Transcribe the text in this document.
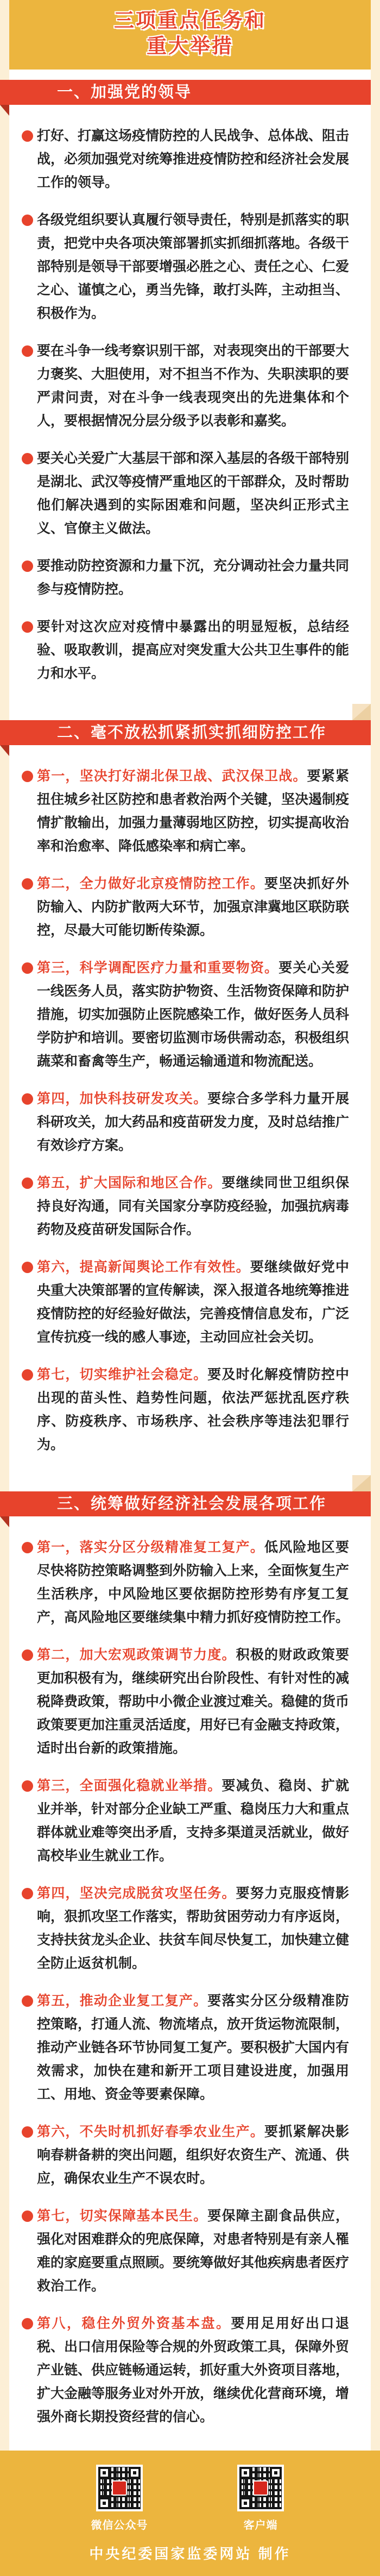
三项重点任务和
重大举措
一、加强党的领导
打好、打赢这场疫情防控的人民战争、总体战、阻击战，必须加强党对统筹推进疫情防控和经济社会发展工作的领导。
各级党组织要认真履行领导责任，特别是抓落实的职责，把党中央各项决策部署抓实抓细抓落地。各级干部特别是领导干部要增强必胜之心、责任之心、仁爱之心、谨慎之心，勇当先锋，敢打头阵，主动担当、积极作为。
要在斗争一线考察识别干部，对表现突出的干部要大力褒奖、大胆使用，对不担当不作为、失职渎职的要严肃问责，对在斗争一线表现突出的先进集体和个人，要根据情况分层分级予以表彰和嘉奖。
要关心关爱广大基层干部和深入基层的各级干部特别是湖北、武汉等疫情严重地区的干部群众，及时帮助他们解决遇到的实际困难和问题，坚决纠正形式主义、官僚主义做法。
要推动防控资源和力量下沉，充分调动社会力量共同参与疫情防控。
要针对这次应对疫情中暴露出的明显短板，总结经验、吸取教训，提高应对突发重大公共卫生事件的能力和水平。
二、毫不放松抓紧抓实抓细防控工作
第一，坚决打好湖北保卫战、武汉保卫战。要紧紧扭住城乡社区防控和患者救治两个关键，坚决遏制疫情扩散输出，加强力量薄弱地区防控，切实提高收治率和治愈率、降低感染率和病亡率。
第二，全力做好北京疫情防控工作。要坚决抓好外防输入、内防扩散两大环节，加强京津冀地区联防联控，尽最大可能切断传染源。
第三，科学调配医疗力量和重要物资。要关心关爱一线医务人员，落实防护物资、生活物资保障和防护措施，切实加强防止医院感染工作，做好医务人员科学防护和培训。要密切监测市场供需动态，积极组织蔬菜和畜禽等生产，畅通运输通道和物流配送。
第四，加快科技研发攻关。要综合多学科力量开展科研攻关，加大药品和疫苗研发力度，及时总结推广有效诊疗方案。
第五，扩大国际和地区合作。要继续同世卫组织保持良好沟通，同有关国家分享防疫经验，加强抗病毒药物及疫苗研发国际合作。
第六，提高新闻舆论工作有效性。要继续做好党中央重大决策部署的宣传解读，深入报道各地统筹推进疫情防控的好经验好做法，完善疫情信息发布，广泛宣传抗疫一线的感人事迹，主动回应社会关切。
第七，切实维护社会稳定。要及时化解疫情防控中出现的苗头性、趋势性问题，依法严惩扰乱医疗秩序、防疫秩序、市场秩序、社会秩序等违法犯罪行为。
三、统筹做好经济社会发展各项工作
第一，落实分区分级精准复工复产。低风险地区要尽快将防控策略调整到外防输入上来，全面恢复生产生活秩序，中风险地区要依据防控形势有序复工复产，高风险地区要继续集中精力抓好疫情防控工作。
第二，加大宏观政策调节力度。积极的财政政策要更加积极有为，继续研究出台阶段性、有针对性的减税降费政策，帮助中小微企业渡过难关。稳健的货币政策要更加注重灵活适度，用好已有金融支持政策，适时出台新的政策措施。
第三，全面强化稳就业举措。要减负、稳岗、扩就业并举，针对部分企业缺工严重、稳岗压力大和重点群体就业难等突出矛盾，支持多渠道灵活就业，做好高校毕业生就业工作。
第四，坚决完成脱贫攻坚任务。要努力克服疫情影响，狠抓攻坚工作落实，帮助贫困劳动力有序返岗，支持扶贫龙头企业、扶贫车间尽快复工，加快建立健全防止返贫机制。
第五，推动企业复工复产。要落实分区分级精准防控策略，打通人流、物流堵点，放开货运物流限制，推动产业链各环节协同复工复产。要积极扩大国内有效需求，加快在建和新开工项目建设进度，加强用工、用地、资金等要素保障。
第六，不失时机抓好春季农业生产。要抓紧解决影响春耕备耕的突出问题，组织好农资生产、流通、供应，确保农业生产不误农时。
第七，切实保障基本民生。要保障主副食品供应，强化对困难群众的兜底保障，对患者特别是有亲人罹难的家庭要重点照顾。要统筹做好其他疾病患者医疗救治工作。
第八，稳住外贸外资基本盘。要用足用好出口退税、出口信用保险等合规的外贸政策工具，保障外贸产业链、供应链畅通运转，抓好重大外资项目落地，扩大金融等服务业对外开放，继续优化营商环境，增强外商长期投资经营的信心。
微信公众号	客户端
中央纪委国家监委网站 制作
